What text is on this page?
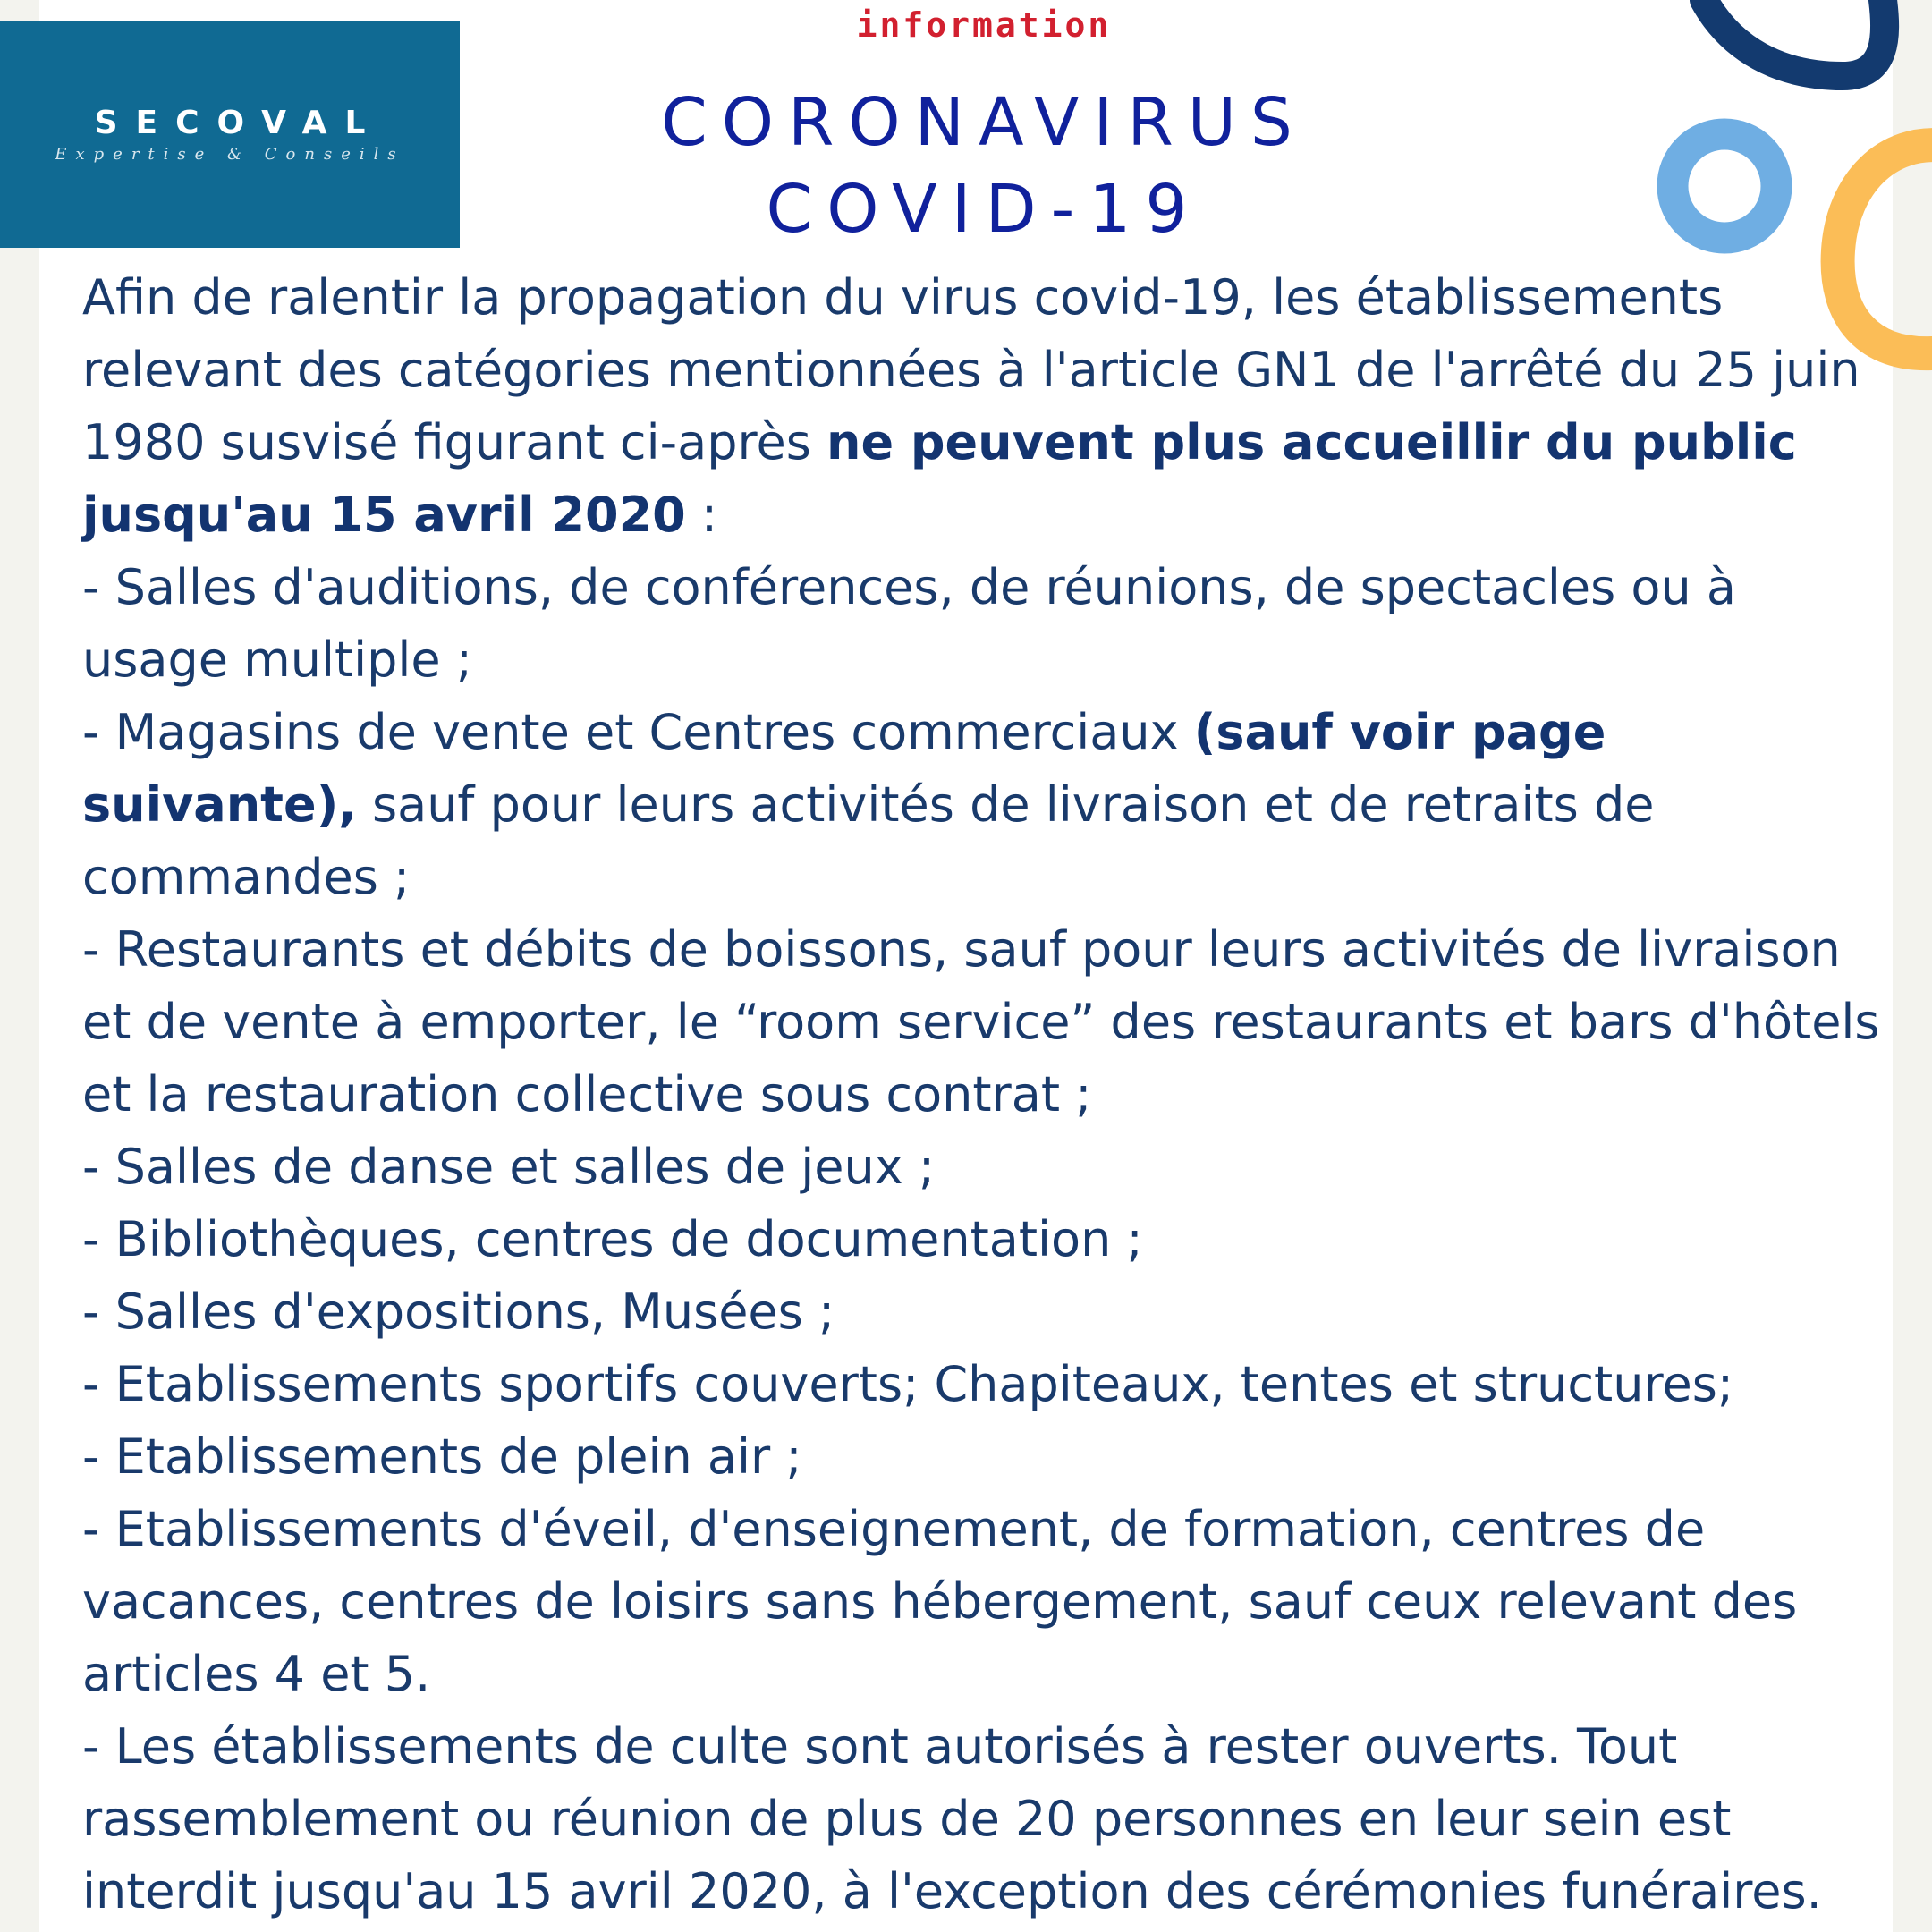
SECOVAL
Expertise & Conseils
information
CORONAVIRUS
COVID-19

Afin de ralentir la propagation du virus covid-19, les établissements relevant des catégories mentionnées à l'article GN1 de l'arrêté du 25 juin 1980 susvisé figurant ci-après ne peuvent plus accueillir du public jusqu'au 15 avril 2020 :

- Salles d'auditions, de conférences, de réunions, de spectacles ou à usage multiple ;

- Magasins de vente et Centres commerciaux (sauf voir page suivante), sauf pour leurs activités de livraison et de retraits de commandes ;

- Restaurants et débits de boissons, sauf pour leurs activités de livraison et de vente à emporter, le “room service” des restaurants et bars d'hôtels et la restauration collective sous contrat ;

- Salles de danse et salles de jeux ;

- Bibliothèques, centres de documentation ;

- Salles d'expositions, Musées ;

- Etablissements sportifs couverts; Chapiteaux, tentes et structures;

- Etablissements de plein air ;

- Etablissements d'éveil, d'enseignement, de formation, centres de vacances, centres de loisirs sans hébergement, sauf ceux relevant des articles 4 et 5.

- Les établissements de culte sont autorisés à rester ouverts. Tout rassemblement ou réunion de plus de 20 personnes en leur sein est interdit jusqu'au 15 avril 2020, à l'exception des cérémonies funéraires.
